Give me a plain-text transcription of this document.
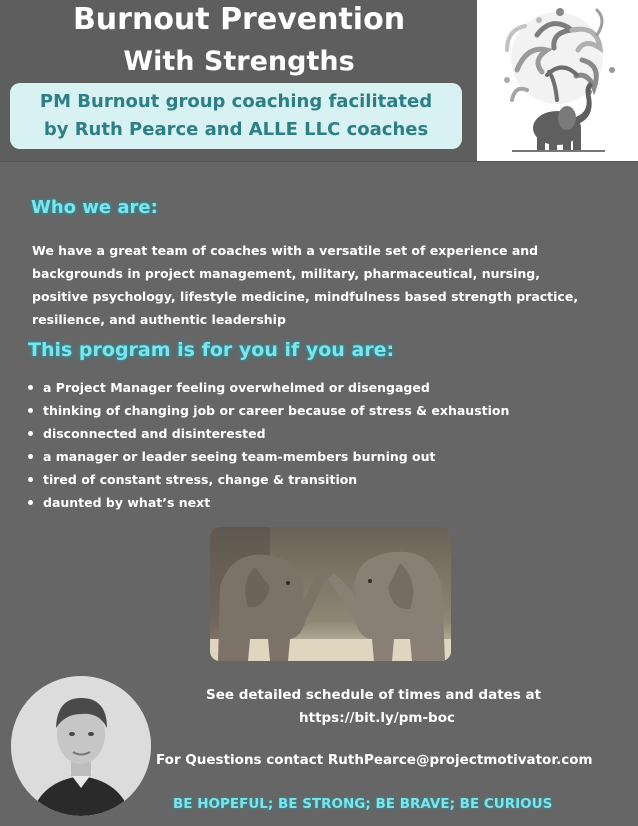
Burnout Prevention
With Strengths
PM Burnout group coaching facilitated
by Ruth Pearce and ALLE LLC coaches
Who we are:
We have a great team of coaches with a versatile set of experience and
backgrounds in project management, military, pharmaceutical, nursing,
positive psychology, lifestyle medicine, mindfulness based strength practice,
resilience, and authentic leadership
This program is for you if you are:
a Project Manager feeling overwhelmed or disengaged
thinking of changing job or career because of stress & exhaustion
disconnected and disinterested
a manager or leader seeing team-members burning out
tired of constant stress, change & transition
daunted by what’s next
See detailed schedule of times and dates at
https://bit.ly/pm-boc
For Questions contact RuthPearce@projectmotivator.com
BE HOPEFUL; BE STRONG; BE BRAVE; BE CURIOUS
